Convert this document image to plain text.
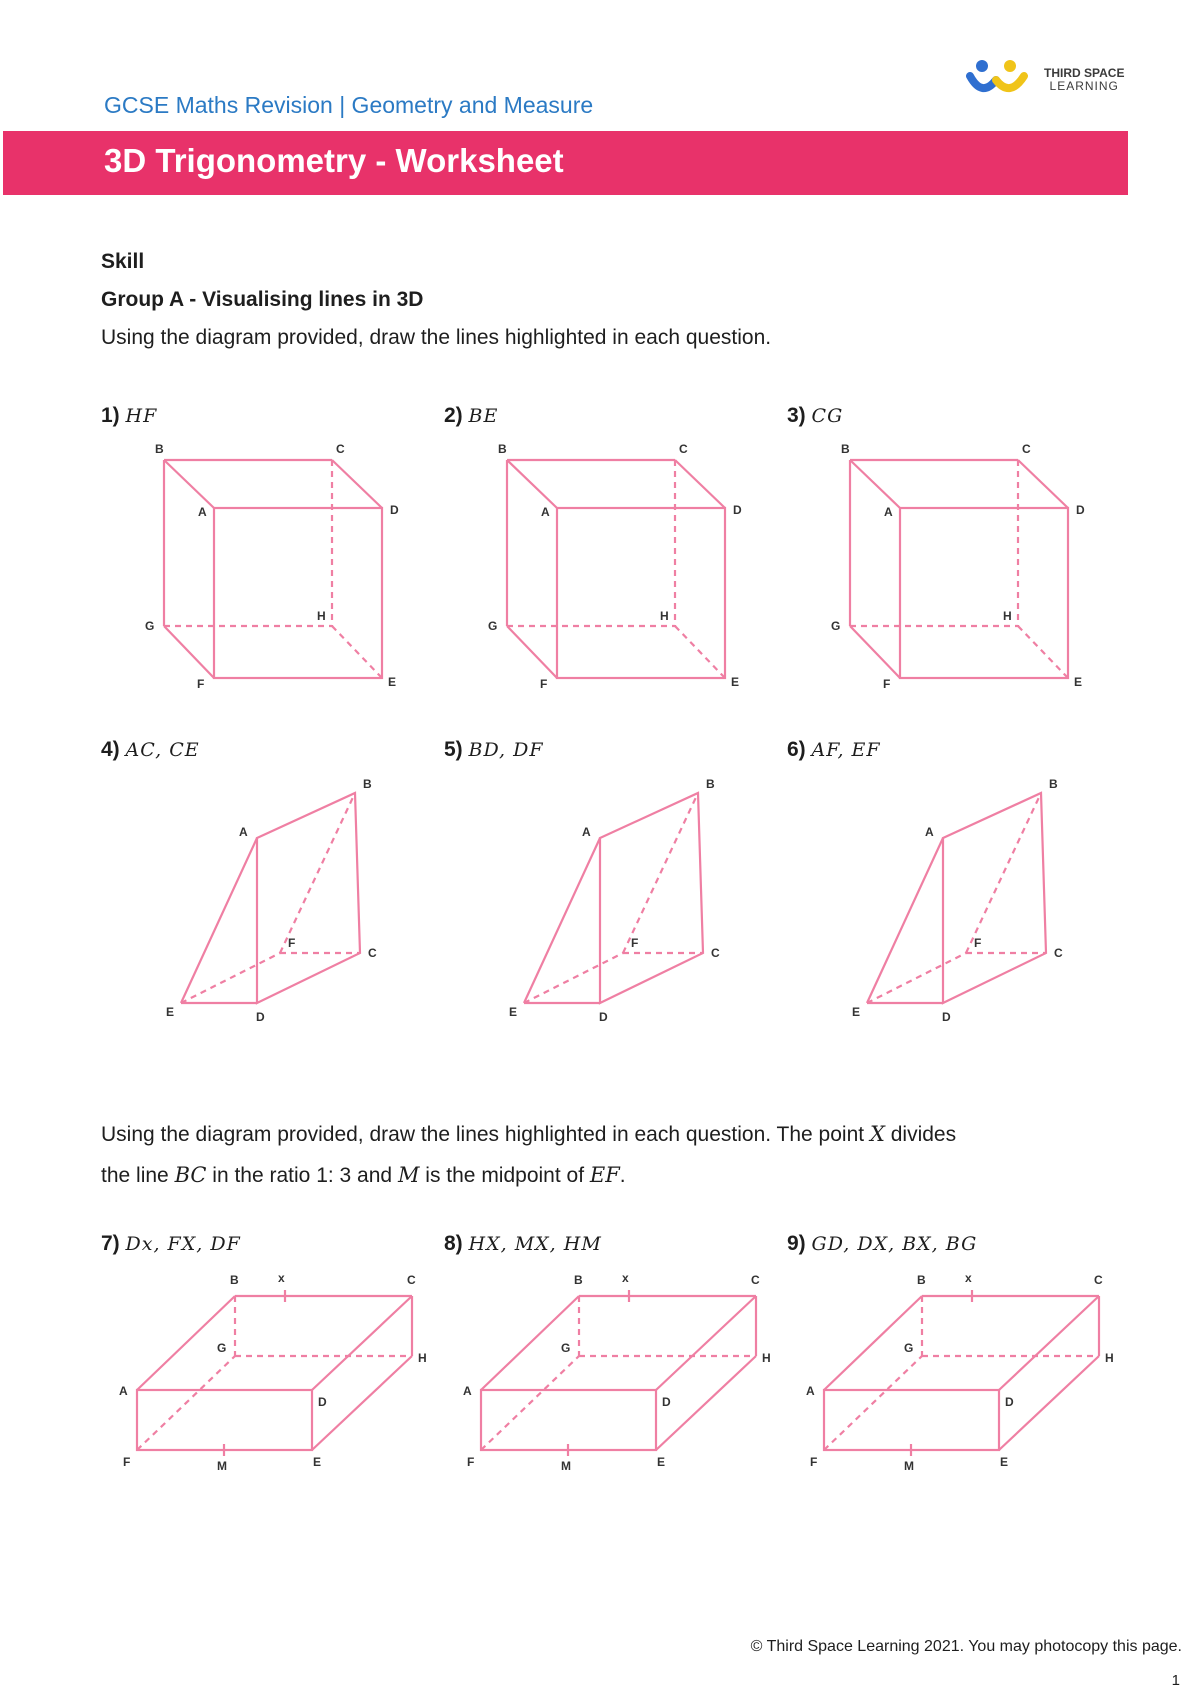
THIRD SPACE
LEARNING
GCSE Maths Revision | Geometry and Measure
3D Trigonometry - Worksheet
Skill
Group A - Visualising lines in 3D
Using the diagram provided, draw the lines highlighted in each question.
1) HF	2) BE	3) CG
B	C
A	D
G
H
F	E
B	C
A	D
G
H
F	E
B	C
A	D
G
H
F	E
4) AC, CE	5) BD, DF	6) AF, EF
A
B
C
D
E
F
A
B
C
D
E
F
A
B
C
D
E
F
Using the diagram provided, draw the lines highlighted in each question. The point X divides
the line BC in the ratio 1: 3 and M is the midpoint of EF.
7) Dx, FX, DF	8) HX, MX, HM	9) GD, DX, BX, BG
A
B	x	C
G
H
D
F	M	E
A
B	x	C
G
H
D
F	M	E
A
B	x	C
G
H
D
F	M	E
© Third Space Learning 2021. You may photocopy this page.
1
